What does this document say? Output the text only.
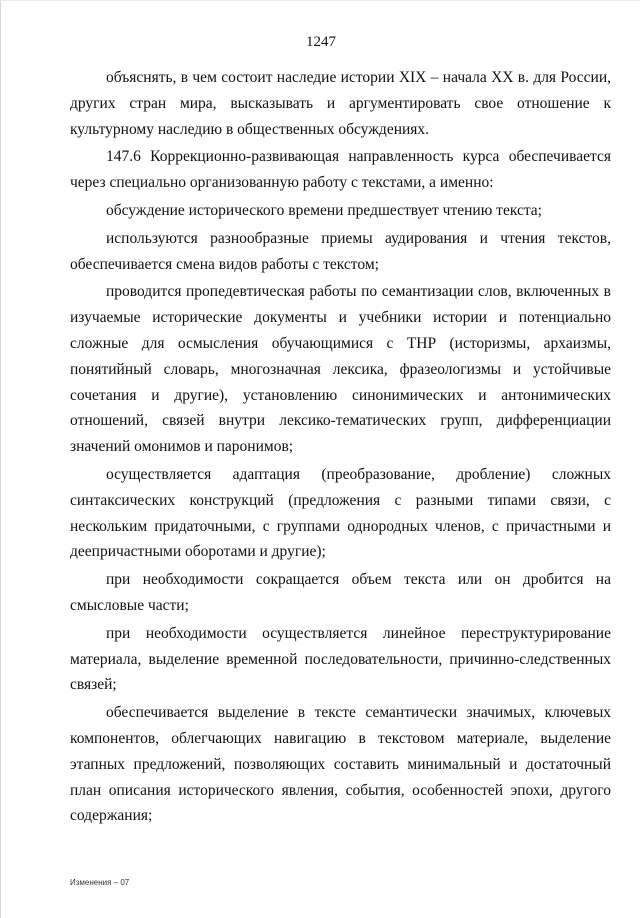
1247

объяснять, в чем состоит наследие истории XIX – начала XX в. для России, других стран мира, высказывать и аргументировать свое отношение к культурному наследию в общественных обсуждениях.

147.6 Коррекционно-развивающая направленность курса обеспечивается через специально организованную работу с текстами, а именно:

обсуждение исторического времени предшествует чтению текста;

используются разнообразные приемы аудирования и чтения текстов, обеспечивается смена видов работы с текстом;

проводится пропедевтическая работы по семантизации слов, включенных в изучаемые исторические документы и учебники истории и потенциально сложные для осмысления обучающимися с ТНР (историзмы, архаизмы, понятийный словарь, многозначная лексика, фразеологизмы и устойчивые сочетания и другие), установлению синонимических и антонимических отношений, связей внутри лексико-тематических групп, дифференциации значений омонимов и паронимов;

осуществляется адаптация (преобразование, дробление) сложных синтаксических конструкций (предложения с разными типами связи, с нескольким придаточными, с группами однородных членов, с причастными и деепричастными оборотами и другие);

при необходимости сокращается объем текста или он дробится на смысловые части;

при необходимости осуществляется линейное переструктурирование материала, выделение временной последовательности, причинно-следственных связей;

обеспечивается выделение в тексте семантически значимых, ключевых компонентов, облегчающих навигацию в текстовом материале, выделение этапных предложений, позволяющих составить минимальный и достаточный план описания исторического явления, события, особенностей эпохи, другого содержания;

Изменения – 07
